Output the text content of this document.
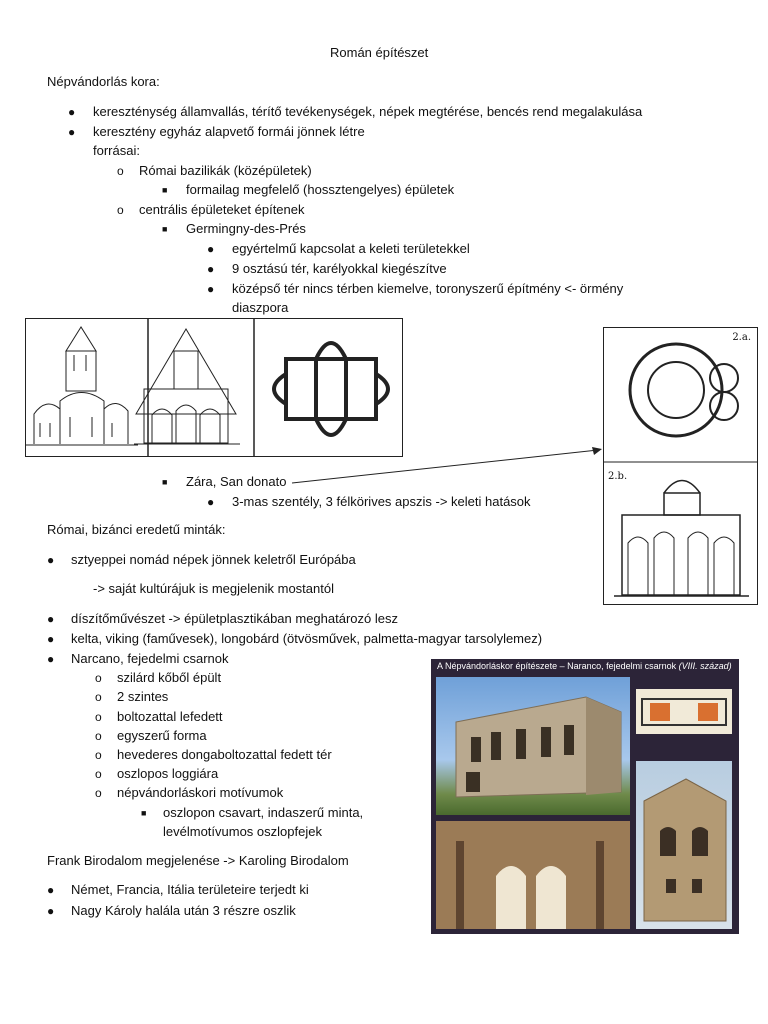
Román építészet
Népvándorlás kora:
● kereszténység államvallás, térítő tevékenységek, népek megtérése, bencés rend megalakulása
● keresztény egyház alapvető formái jönnek létre
forrásai:
o Római bazilikák (középületek)
■ formailag megfelelő (hossztengelyes) épületek
o centrális épületeket építenek
■ Germingny-des-Prés
● egyértelmű kapcsolat a keleti területekkel
● 9 osztású tér, karélyokkal kiegészítve
● középső tér nincs térben kiemelve, toronyszerű építmény <- örmény
diaszpora
2.a.
2.b.
■ Zára, San donato
● 3-mas szentély, 3 félkörives apszis -> keleti hatások
Római, bizánci eredetű minták:
● sztyeppei nomád népek jönnek keletről Európába
-> saját kultúrájuk is megjelenik mostantól
● díszítőművészet -> épületplasztikában meghatározó lesz
● kelta, viking (faművesek), longobárd (ötvösművek, palmetta-magyar tarsolylemez)
● Narcano, fejedelmi csarnok
o szilárd kőből épült
o 2 szintes
o boltozattal lefedett
o egyszerű forma
o hevederes dongaboltozattal fedett tér
o oszlopos loggiára
o népvándorláskori motívumok
■ oszlopon csavart, indaszerű minta,
levélmotívumos oszlopfejek
A Népvándorláskor építészete – Naranco, fejedelmi csarnok (VIII. század)
Frank Birodalom megjelenése -> Karoling Birodalom
● Német, Francia, Itália területeire terjedt ki
● Nagy Károly halála után 3 részre oszlik
